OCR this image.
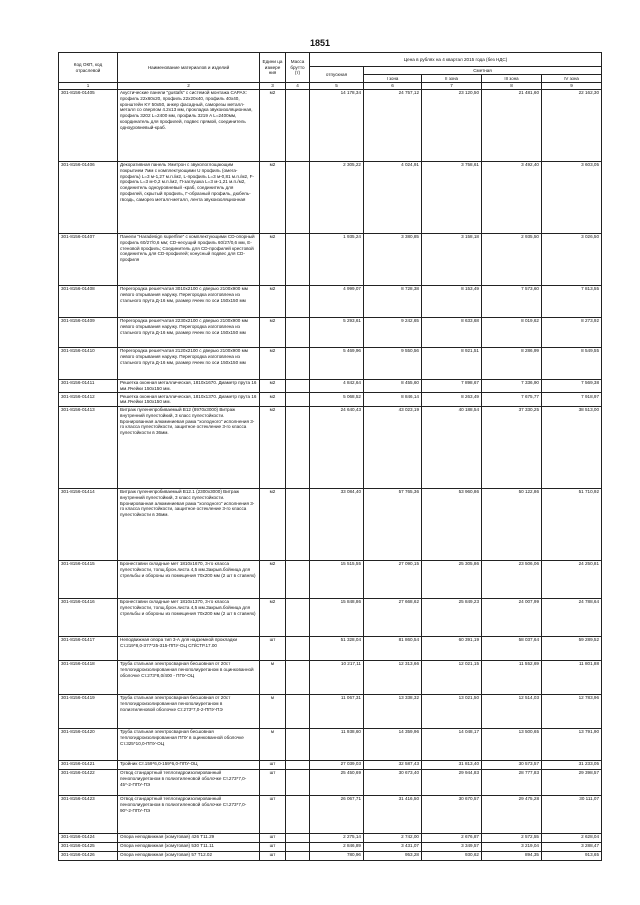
1851
Код ОКП, код отраслевой	Наименование материалов и изделий	Едини ца измере ния	Масса брутто (т)	Цена в рублях на 4 квартал 2015 года (без НДС)				
				отпускная	Сметная			
					I зона	II зона	III зона	IV зона
1	2	3	4	5	6	7	8	9
301-8156-01405	Акустические панели "gustafs" с системой монтажа САРАХ: профиль 22х60х20, профиль 22х20х40, профиль 40х40, кронштейн KY 50х50, анкер фасадный, саморезы металл-металл со сверлом 4.2х13 мм, прокладка звукоизоляционная, профиль 3202 L=2400 мм, профиль 3219 A L=2400мм, координатель для профилей, подвес прямой, соединитель одноуровневый-краб.	м2		14 178,34	24 757,12	23 120,50	21 481,60	22 162,30
301-8156-01406	Декоративная панель Умитрон с звукопоглощающим покрытием 7мм с комплектующими U профиль (омега-профиль) L=3 м-1,27 м.п./м2, L-профиль L=3 м-0,81 м.п./м2, F-профиль L=3 м-0,2 м.п./м2, П-заглушка L=3 м-1,21 м.п./м2, соединитель одноуровневый -краб, соединитель для профилей, скрытый профиль, Г-образный профиль, дюбель-гвоздь, саморез металл-металл, лента звукоизоляционная	м2		2 305,22	4 024,91	3 758,61	3 492,40	3 603,05
301-8156-01407	Панели "Haradesign superfine" с комплектующими CD-опорный профиль 60/27/0,6 мм; CD-несущий профиль 60/27/0,6 мм, E-стеновой профиль; Соединитель для CD-профилей крестовой соединитель для CD-профилей; конусный подвес для CD-профиля	м2		1 935,24	3 380,85	3 158,18	2 935,50	3 026,50
301-8156-01408	Перегородка решетчатая 3010х2100 с дверью 2100х900 мм левого открывания наружу. Перегородка изготовлена из стального прута Д-16 мм, размер ячеек по оси 150х150 мм	м2		4 999,07	8 728,38	8 153,49	7 573,60	7 813,55
301-8156-01409	Перегородка решетчатая 2230х2100 с дверью 2100х900 мм левого открывания наружу. Перегородка изготовлена из стального прута Д-16 мм, размер ячеек по оси 150х150 мм	м2		5 293,61	9 242,65	8 633,68	8 019,62	8 273,92
301-8156-01410	Перегородка решетчатая 2120х2100 с дверью 2100х900 мм левого открывания наружу. Перегородка изготовлена из стального прута Д-16 мм, размер ячеек по оси 150х150 мм	м2		5 469,96	9 550,56	8 921,51	8 286,99	8 549,55
301-8156-01411	Решетка оконная металлическая, 1810х1670. Диаметр прута 16 мм.Ячейки 150х150 мм.	м2		4 842,64	8 455,60	7 898,67	7 336,90	7 569,38
301-8156-01412	Решетка оконная металлическая, 1810х1370. Диаметр прута 16 мм.Ячейки 150х150 мм.	м2		5 068,52	8 846,14	8 263,49	7 675,77	7 918,97
301-8156-01413	Витраж пуленепробиваемый B12 (8970х3000) Витраж внутренний пулестойкий, 3 класс пулестойкости. Бронированная алюминиевая рама "холодного" исполнения 3-го класса пулестойкости, защитное остекление 3-го класса пулестойкости в 36мм.	м2		24 640,43	43 023,19	40 188,54	37 330,25	38 513,00
301-8156-01414	Витраж пуленепробиваемый B12.1 (2300х3000) Витраж внутренний пулестойкий, 3 класс пулестойкости. Бронированная алюминиевая рама "холодного" исполнения 3-го класса пулестойкости, защитное остекление 3-го класса пулестойкости в 36мм.	м2		33 084,40	57 765,36	53 960,86	50 122,86	51 710,92
301-8156-01415	Бронеставни складные мет 1810х1670, 3-го класса пулестойкости, толщ.брон.листа 4,5 мм.Закрыв.бойница для стрельбы и обороны из помещения 70х200 мм (2 шт в ставнях)	м2		15 515,55	27 090,15	25 305,86	23 506,06	24 250,81
301-8156-01416	Бронеставни складные мет 1810х1370, 3-го класса пулестойкости, толщ.брон.листа 4,5 мм.Закрыв.бойница для стрельбы и обороны из помещения 70х200 мм (2 шт в ставнях)	м2		15 848,86	27 668,62	25 849,23	24 007,99	24 788,64
301-8156-01417	Неподвижная опора тип 3-А для надземной прокладки Ст.219*8,0-377*25-315-ППУ-ОЦ СП/СТР.17.00	шт		51 328,04	81 860,54	60 391,19	58 037,64	59 289,52
301-8156-01418	Труба стальная электросварная бесшовная от 20ст теплогидроизолированная пенополиуретаном в оцинкованной оболочке Ст.273*8,0/400 - ППУ-ОЦ	м		10 217,11	12 313,66	12 021,15	11 552,69	11 801,88
301-8156-01419	Труба стальная электросварная бесшовная от 20ст теплогидроизолированная пенополиуретаном в полиэтиленовой оболочке Ст.273*7,0-2-ППУ-ПЭ	м		11 067,31	13 338,32	13 021,50	12 514,03	12 783,96
301-8156-01420	Труба стальная электросварная бесшовная теплогидроизолированная ППУ в оцинкованной оболочке Ст.325*10,0-ППУ-ОЦ	м		11 938,60	14 359,96	14 048,17	13 500,65	13 791,90
301-8156-01421	Тройник Ст.159*6,0-159*6,0-ППУ-ОЦ	шт		27 039,03	32 587,43	31 813,40	30 573,57	31 233,05
301-8156-01422	Отвод стандартный теплогидроизолированный пенополиуретаном в полиэтиленовой оболочке Ст.273*7,0-45*-2-ППУ-ПЭ	шт		25 450,69	30 673,40	29 944,83	28 777,83	29 398,57
301-8156-01423	Отвод стандартный теплогидроизолированный пенополиуретаном в полиэтиленовой оболочке Ст.273*7,0-90*-2-ППУ-ПЭ	шт		26 067,71	31 416,50	30 670,57	29 475,28	30 111,07
301-8156-01424	Опора неподвижная (хомутовая) 426 Т11.29	шт		2 275,14	2 742,00	2 676,87	2 572,55	2 628,04
301-8156-01425	Опора неподвижная (хомутовая) 530 Т11.11	шт		2 846,89	3 431,07	3 349,57	3 219,04	3 288,47
301-8156-01426	Опора неподвижная (хомутовая) 57 Т12.02	шт		780,96	953,28	930,62	894,35	913,65
